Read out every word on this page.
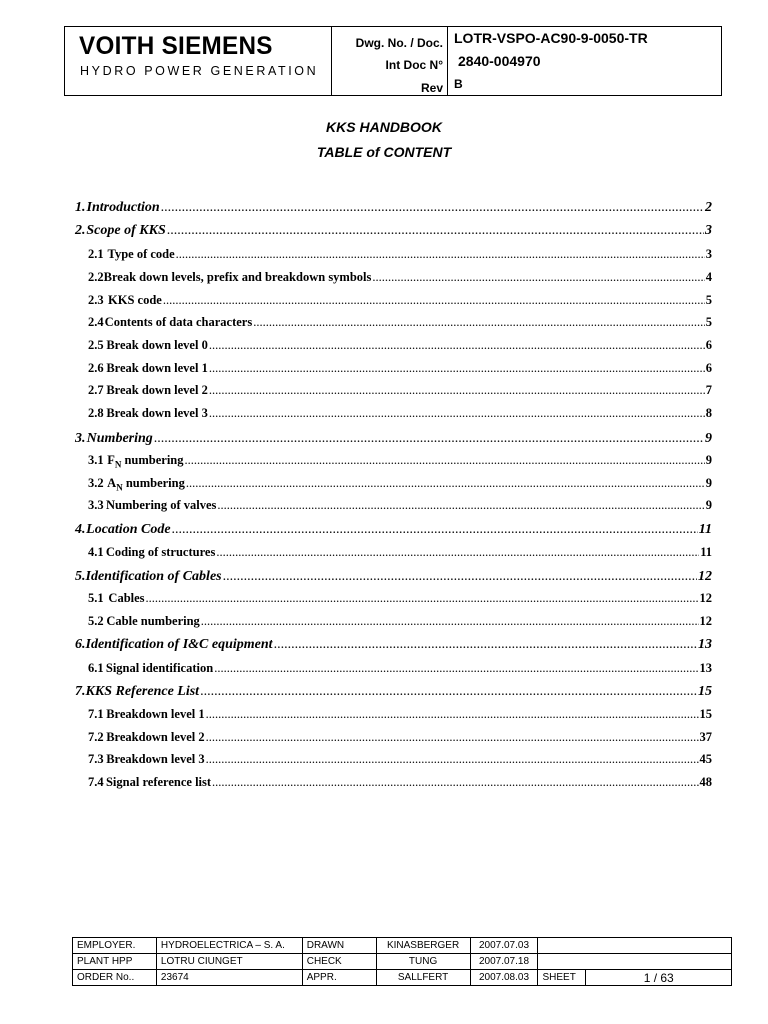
VOITH SIEMENS
HYDRO POWER GENERATION
Dwg. No. / Doc.
Int Doc N°
Rev
LOTR-VSPO-AC90-9-0050-TR
2840-004970
B
KKS HANDBOOK
TABLE of CONTENT
1. Introduction .....	2
2. Scope of KKS .....	3
2.1 Type of code .....	3
2.2 Break down levels, prefix and breakdown symbols .....	4
2.3 KKS code .....	5
2.4 Contents of data characters .....	5
2.5 Break down level 0 .....	6
2.6 Break down level 1 .....	6
2.7 Break down level 2 .....	7
2.8 Break down level 3 .....	8
3. Numbering .....	9
3.1 $F_N$ numbering .....	9
3.2 $A_N$ numbering .....	9
3.3 Numbering of valves .....	9
4. Location Code .....	11
4.1 Coding of structures .....	11
5. Identification of Cables .....	12
5.1 Cables .....	12
5.2 Cable numbering .....	12
6. Identification of I&C equipment .....	13
6.1 Signal identification .....	13
7. KKS Reference List .....	15
7.1 Breakdown level 1 .....	15
7.2 Breakdown level 2 .....	37
7.3 Breakdown level 3 .....	45
7.4 Signal reference list .....	48
EMPLOYER.	HYDROELECTRICA – S. A.	DRAWN	KINASBERGER	2007.07.03		
PLANT HPP	LOTRU CIUNGET	CHECK	TUNG	2007.07.18		
ORDER No..	23674	APPR.	SALLFERT	2007.08.03	SHEET	1 / 63
